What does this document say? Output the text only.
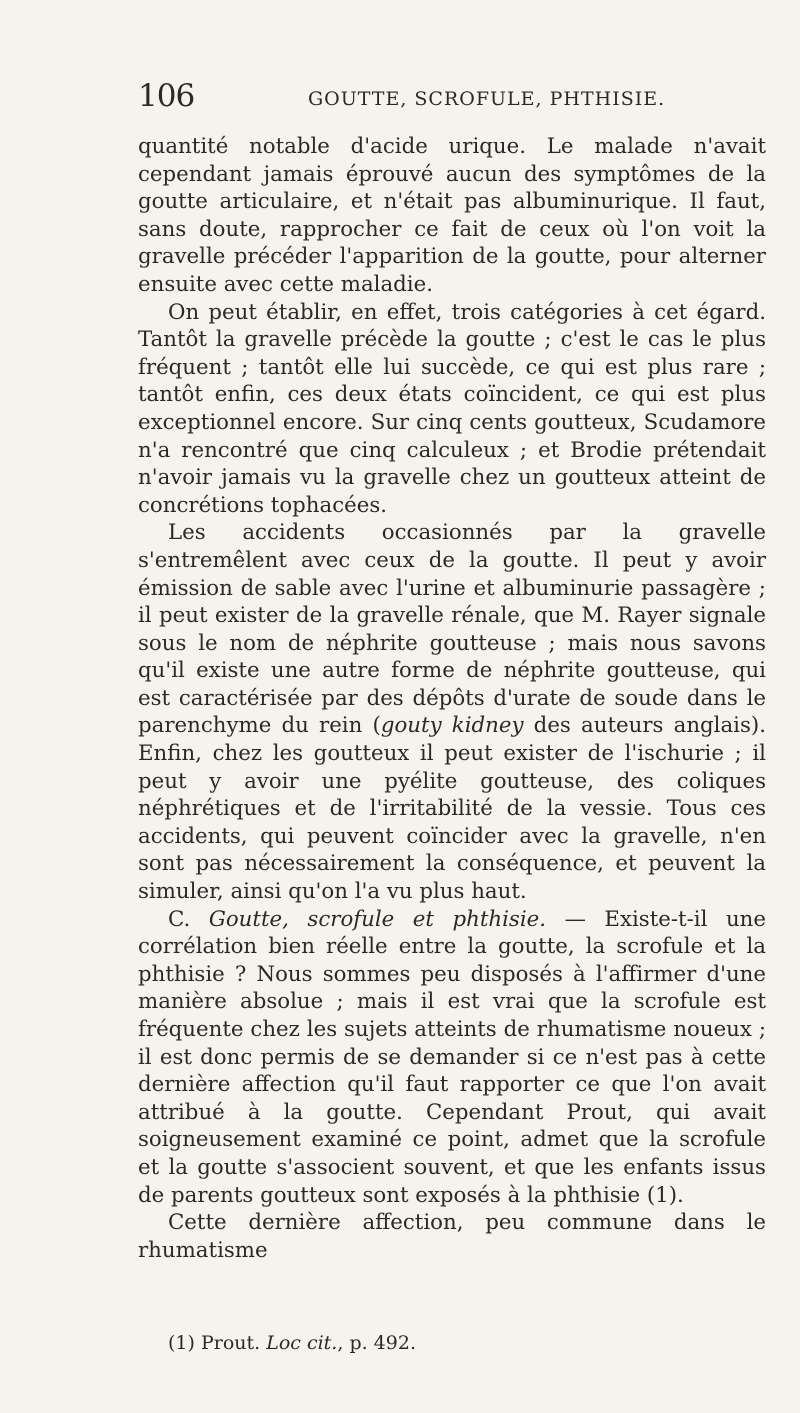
106	GOUTTE, SCROFULE, PHTHISIE.

quantité notable d'acide urique. Le malade n'avait cependant jamais éprouvé aucun des symptômes de la goutte articulaire, et n'était pas albuminurique. Il faut, sans doute, rapprocher ce fait de ceux où l'on voit la gravelle précéder l'apparition de la goutte, pour alterner ensuite avec cette maladie.

On peut établir, en effet, trois catégories à cet égard. Tantôt la gravelle précède la goutte ; c'est le cas le plus fréquent ; tantôt elle lui succède, ce qui est plus rare ; tantôt enfin, ces deux états coïncident, ce qui est plus exceptionnel encore. Sur cinq cents goutteux, Scudamore n'a rencontré que cinq calculeux ; et Brodie prétendait n'avoir jamais vu la gravelle chez un goutteux atteint de concrétions tophacées.

Les accidents occasionnés par la gravelle s'entremêlent avec ceux de la goutte. Il peut y avoir émission de sable avec l'urine et albuminurie passagère ; il peut exister de la gravelle rénale, que M. Rayer signale sous le nom de néphrite goutteuse ; mais nous savons qu'il existe une autre forme de néphrite goutteuse, qui est caractérisée par des dépôts d'urate de soude dans le parenchyme du rein (gouty kidney des auteurs anglais). Enfin, chez les goutteux il peut exister de l'ischurie ; il peut y avoir une pyélite goutteuse, des coliques néphrétiques et de l'irritabilité de la vessie. Tous ces accidents, qui peuvent coïncider avec la gravelle, n'en sont pas nécessairement la conséquence, et peuvent la simuler, ainsi qu'on l'a vu plus haut.

C. Goutte, scrofule et phthisie. — Existe-t-il une corrélation bien réelle entre la goutte, la scrofule et la phthisie ? Nous sommes peu disposés à l'affirmer d'une manière absolue ; mais il est vrai que la scrofule est fréquente chez les sujets atteints de rhumatisme noueux ; il est donc permis de se demander si ce n'est pas à cette dernière affection qu'il faut rapporter ce que l'on avait attribué à la goutte. Cependant Prout, qui avait soigneusement examiné ce point, admet que la scrofule et la goutte s'associent souvent, et que les enfants issus de parents goutteux sont exposés à la phthisie (1).

Cette dernière affection, peu commune dans le rhumatisme

(1) Prout. Loc cit., p. 492.
